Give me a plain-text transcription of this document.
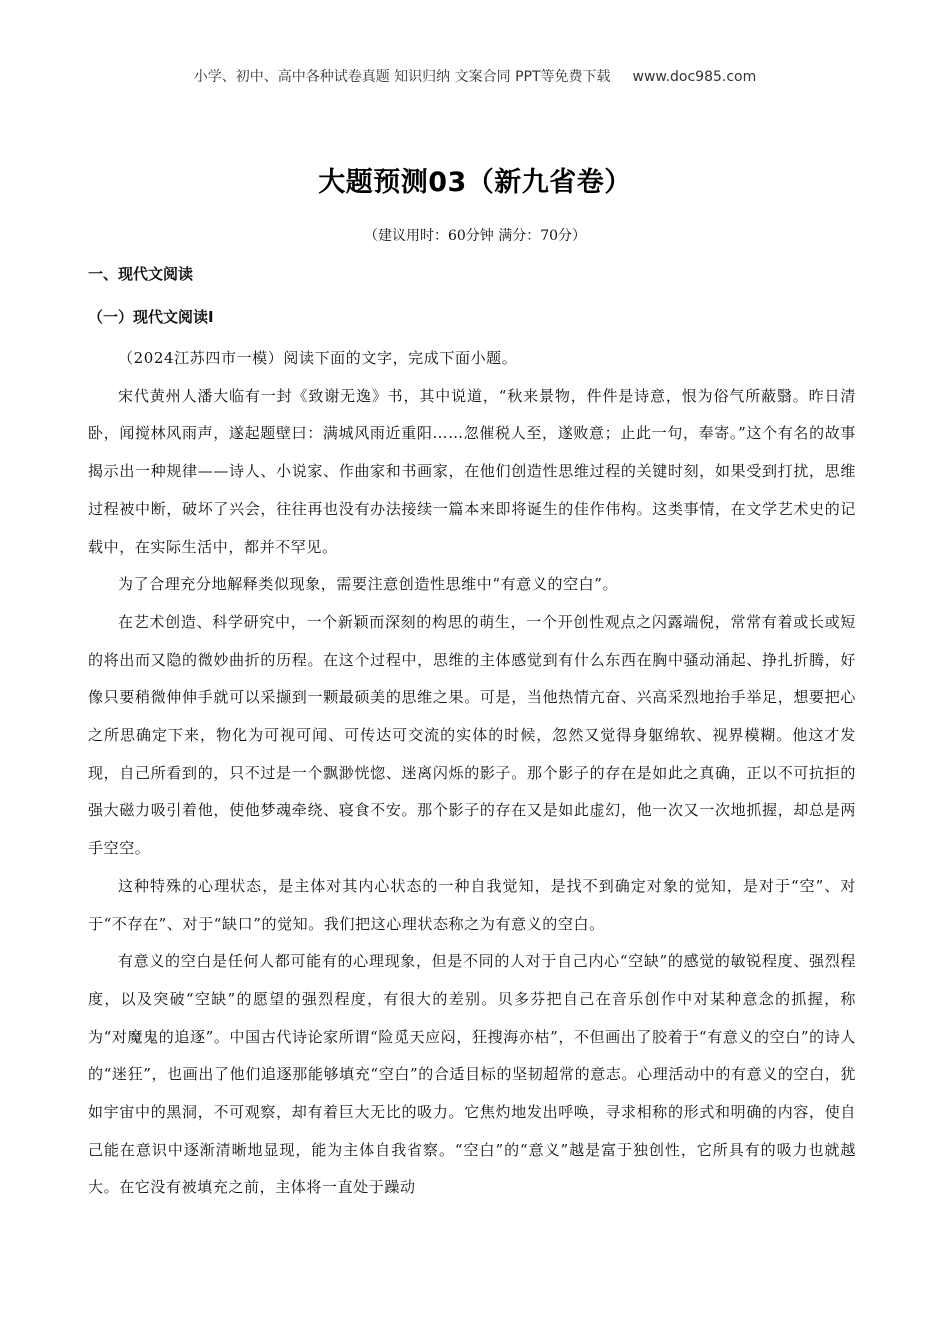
小学、初中、高中各种试卷真题 知识归纳 文案合同 PPT等免费下载 www.doc985.com
大题预测03（新九省卷）
（建议用时：60分钟 满分：70分）
一、现代文阅读
（一）现代文阅读Ⅰ

（2024江苏四市一模）阅读下面的文字，完成下面小题。

宋代黄州人潘大临有一封《致谢无逸》书，其中说道，“秋来景物，件件是诗意，恨为俗气所蔽翳。昨日清卧，闻搅林风雨声，遂起题壁曰：满城风雨近重阳……忽催税人至，遂败意；止此一句，奉寄。”这个有名的故事揭示出一种规律——诗人、小说家、作曲家和书画家，在他们创造性思维过程的关键时刻，如果受到打扰，思维过程被中断，破坏了兴会，往往再也没有办法接续一篇本来即将诞生的佳作伟构。这类事情，在文学艺术史的记载中，在实际生活中，都并不罕见。

为了合理充分地解释类似现象，需要注意创造性思维中“有意义的空白”。

在艺术创造、科学研究中，一个新颖而深刻的构思的萌生，一个开创性观点之闪露端倪，常常有着或长或短的将出而又隐的微妙曲折的历程。在这个过程中，思维的主体感觉到有什么东西在胸中骚动涌起、挣扎折腾，好像只要稍微伸伸手就可以采撷到一颗最硕美的思维之果。可是，当他热情亢奋、兴高采烈地抬手举足，想要把心之所思确定下来，物化为可视可闻、可传达可交流的实体的时候，忽然又觉得身躯绵软、视界模糊。他这才发现，自己所看到的，只不过是一个飘渺恍惚、迷离闪烁的影子。那个影子的存在是如此之真确，正以不可抗拒的强大磁力吸引着他，使他梦魂牵绕、寝食不安。那个影子的存在又是如此虚幻，他一次又一次地抓握，却总是两手空空。

这种特殊的心理状态，是主体对其内心状态的一种自我觉知，是找不到确定对象的觉知，是对于“空”、对于“不存在”、对于“缺口”的觉知。我们把这心理状态称之为有意义的空白。

有意义的空白是任何人都可能有的心理现象，但是不同的人对于自己内心“空缺”的感觉的敏锐程度、强烈程度，以及突破“空缺”的愿望的强烈程度，有很大的差别。贝多芬把自己在音乐创作中对某种意念的抓握，称为“对魔鬼的追逐”。中国古代诗论家所谓“险觅天应闷，狂搜海亦枯”，不但画出了胶着于“有意义的空白”的诗人的“迷狂”，也画出了他们追逐那能够填充“空白”的合适目标的坚韧超常的意志。心理活动中的有意义的空白，犹如宇宙中的黑洞，不可观察，却有着巨大无比的吸力。它焦灼地发出呼唤，寻求相称的形式和明确的内容，使自己能在意识中逐渐清晰地显现，能为主体自我省察。“空白”的“意义”越是富于独创性，它所具有的吸力也就越大。在它没有被填充之前，主体将一直处于躁动
